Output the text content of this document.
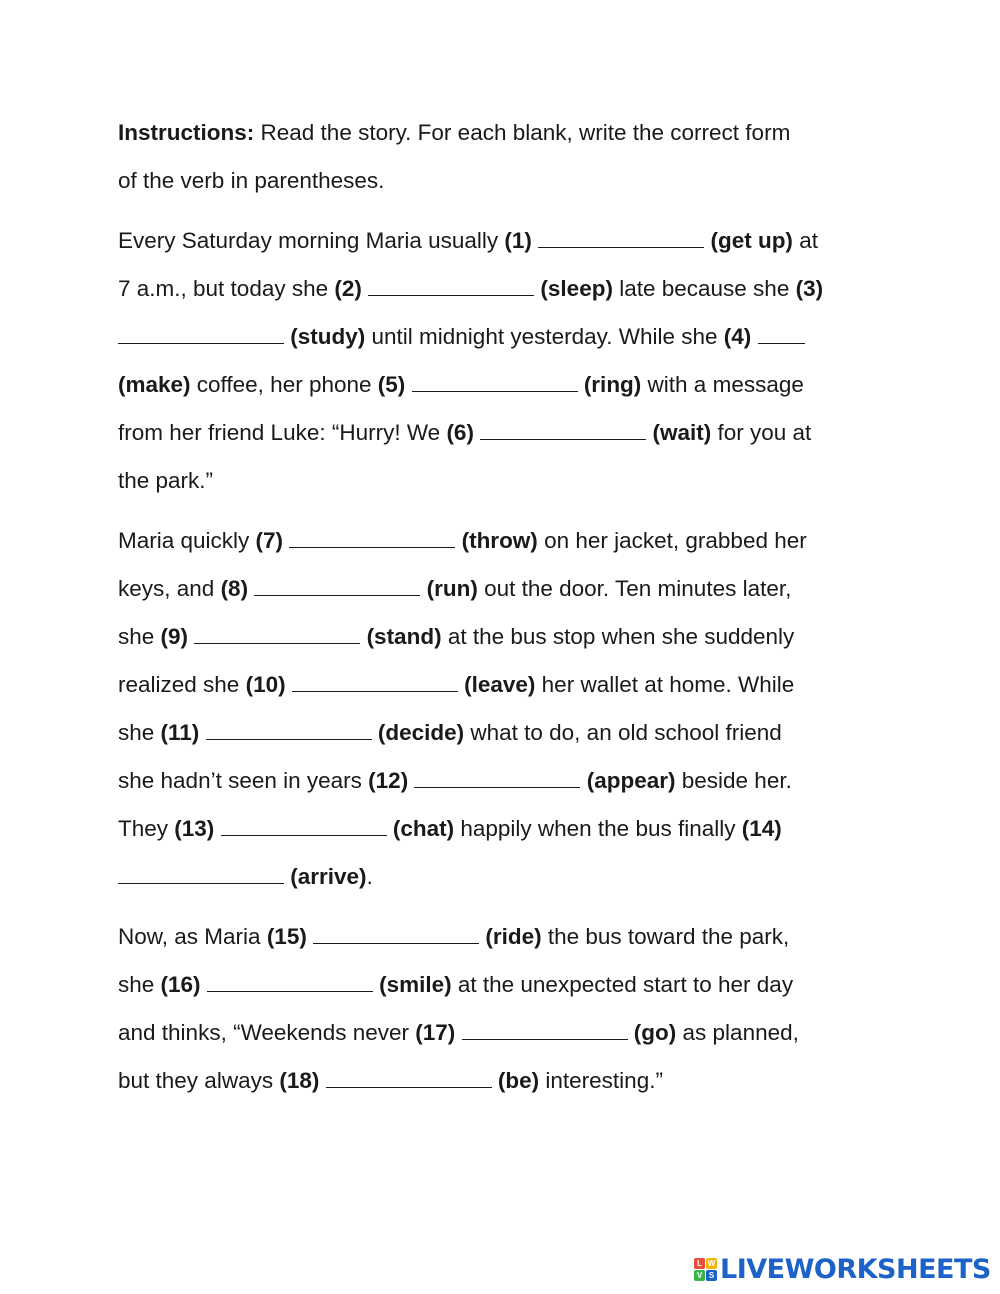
Instructions: Read the story. For each blank, write the correct form
of the verb in parentheses.
Every Saturday morning Maria usually (1)	(get up) at
7 a.m., but today she (2)	(sleep) late because she (3)
(study) until midnight yesterday. While she (4)
(make) coffee, her phone (5)	(ring) with a message
from her friend Luke: “Hurry! We (6)	(wait) for you at
the park.”
Maria quickly (7)	(throw) on her jacket, grabbed her
keys, and (8)	(run) out the door. Ten minutes later,
she (9)	(stand) at the bus stop when she suddenly
realized she (10)	(leave) her wallet at home. While
she (11)	(decide) what to do, an old school friend
she hadn’t seen in years (12)	(appear) beside her.
They (13)	(chat) happily when the bus finally (14)
(arrive).
Now, as Maria (15)	(ride) the bus toward the park,
she (16)	(smile) at the unexpected start to her day
and thinks, “Weekends never (17)	(go) as planned,
but they always (18)	(be) interesting.”
L W
V S LIVEWORKSHEETS
